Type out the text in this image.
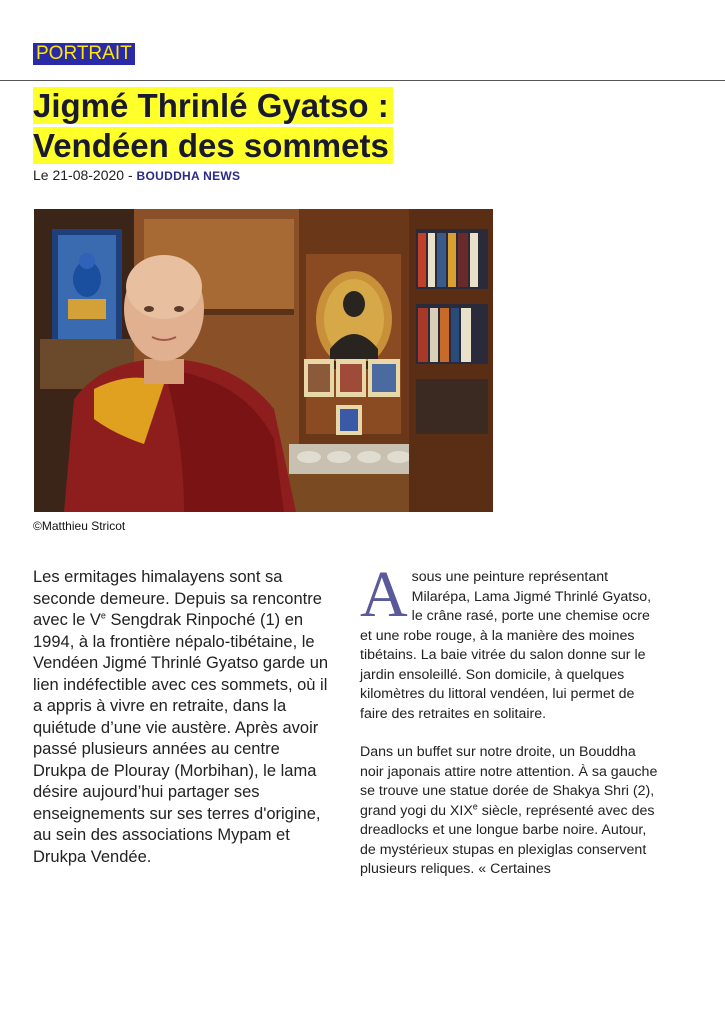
PORTRAIT
Jigmé Thrinlé Gyatso :
Vendéen des sommets
Le 21-08-2020 - BOUDDHA NEWS
©Matthieu Stricot
Les ermitages himalayens sont sa seconde demeure. Depuis sa rencontre avec le Ve Sengdrak Rinpoché (1) en 1994, à la frontière népalo-tibétaine, le Vendéen Jigmé Thrinlé Gyatso garde un lien indéfectible avec ces sommets, où il a appris à vivre en retraite, dans la quiétude d’une vie austère. Après avoir passé plusieurs années au centre Drukpa de Plouray (Morbihan), le lama désire aujourd’hui partager ses enseignements sur ses terres d'origine, au sein des associations Mypam et Drukpa Vendée.

Asous une peinture représentant Milarépa, Lama Jigmé Thrinlé Gyatso, le crâne rasé, porte une chemise ocre et une robe rouge, à la manière des moines tibétains. La baie vitrée du salon donne sur le jardin ensoleillé. Son domicile, à quelques kilomètres du littoral vendéen, lui permet de faire des retraites en solitaire.

Dans un buffet sur notre droite, un Bouddha noir japonais attire notre attention. À sa gauche se trouve une statue dorée de Shakya Shri (2), grand yogi du XIXe siècle, représenté avec des dreadlocks et une longue barbe noire. Autour, de mystérieux stupas en plexiglas conservent plusieurs reliques. « Certaines
